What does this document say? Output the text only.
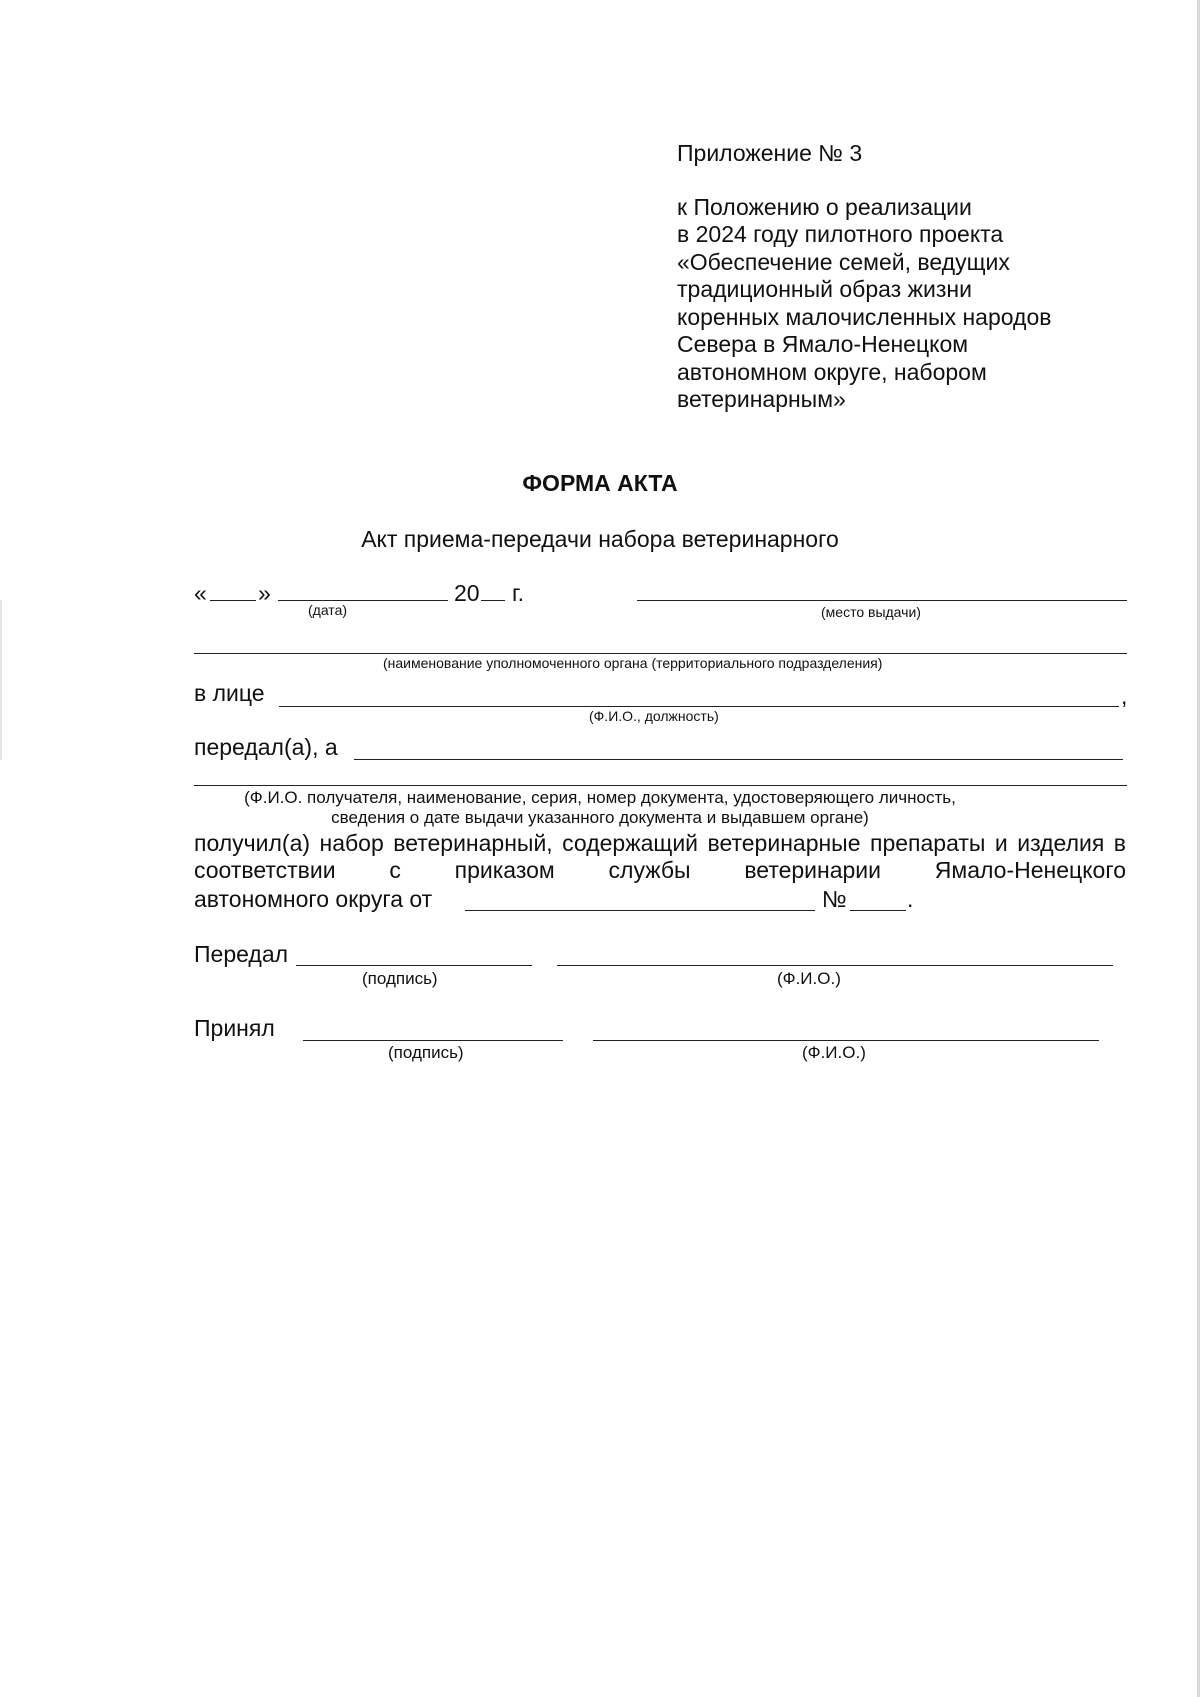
Приложение № 3
к Положению о реализации
в 2024 году пилотного проекта
«Обеспечение семей, ведущих
традиционный образ жизни
коренных малочисленных народов
Севера в Ямало-Ненецком
автономном округе, набором
ветеринарным»
ФОРМА АКТА
Акт приема-передачи набора ветеринарного
« »	20 г.
(дата)	(место выдачи)
(наименование уполномоченного органа (территориального подразделения)
в лице	,
(Ф.И.О., должность)
передал(а), а
(Ф.И.О. получателя, наименование, серия, номер документа, удостоверяющего личность,
сведения о дате выдачи указанного документа и выдавшем органе)
получил(а) набор ветеринарный, содержащий ветеринарные препараты и изделия в соответствии с приказом службы ветеринарии Ямало-Ненецкого
автономного округа от	№	.
Передал
(подпись)	(Ф.И.О.)
Принял
(подпись)	(Ф.И.О.)
